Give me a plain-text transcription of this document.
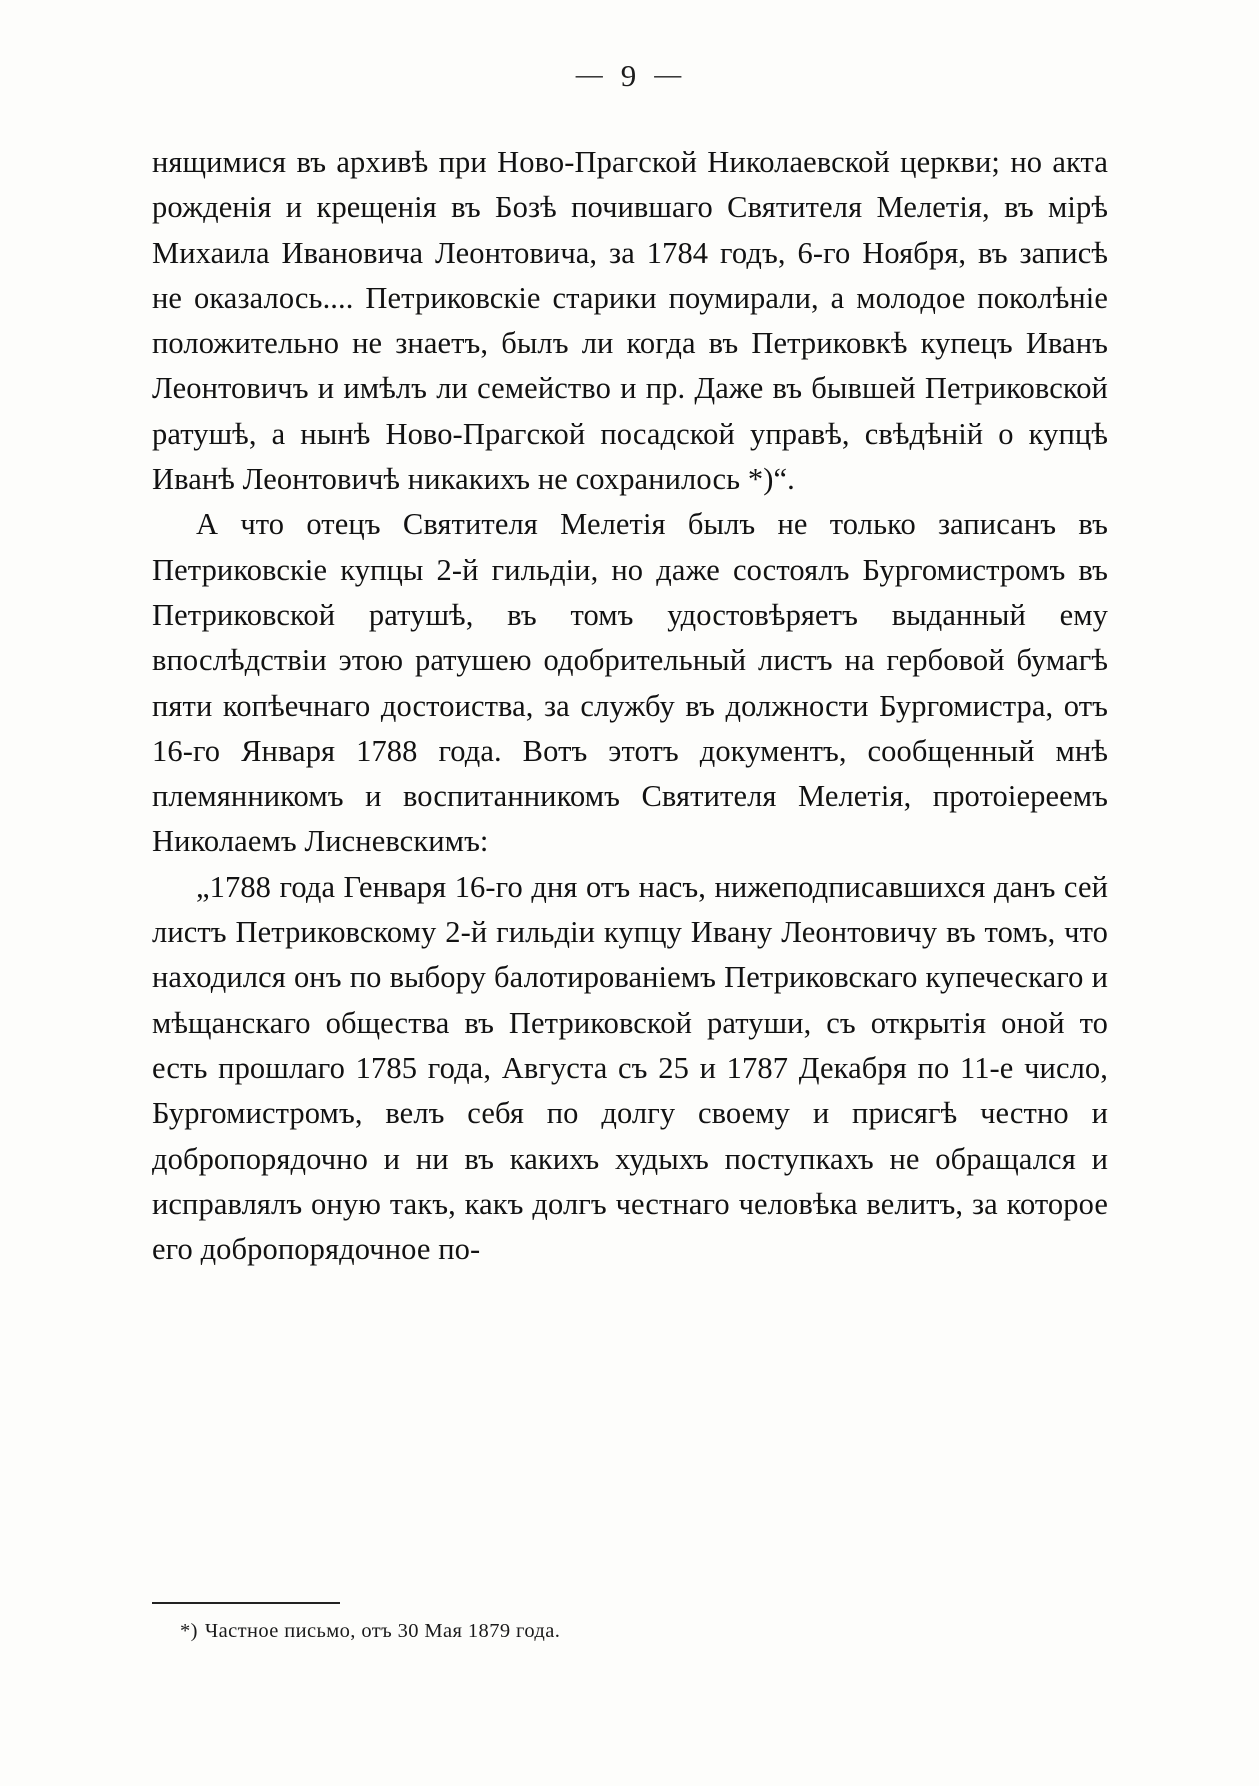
— 9 —

нящимися въ архивѣ при Ново-Прагской Николаевской церкви; но акта рожденія и крещенія въ Бозѣ почившаго Святителя Мелетія, въ мірѣ Михаила Ивановича Леонтовича, за 1784 годъ, 6-го Ноября, въ записѣ не оказалось.... Петриковскіе старики поумирали, а молодое поколѣніе положительно не знаетъ, былъ ли когда въ Петриковкѣ купецъ Иванъ Леонтовичъ и имѣлъ ли семейство и пр. Даже въ бывшей Петриковской ратушѣ, а нынѣ Ново-Прагской посадской управѣ, свѣдѣній о купцѣ Иванѣ Леонтовичѣ никакихъ не сохранилось *)“.

А что отецъ Святителя Мелетія былъ не только записанъ въ Петриковскіе купцы 2-й гильдіи, но даже состоялъ Бургомистромъ въ Петриковской ратушѣ, въ томъ удостовѣряетъ выданный ему впослѣдствіи этою ратушею одобрительный листъ на гербовой бумагѣ пяти копѣечнаго достоиства, за службу въ должности Бургомистра, отъ 16-го Января 1788 года. Вотъ этотъ документъ, сообщенный мнѣ племянникомъ и воспитанникомъ Святителя Мелетія, протоіереемъ Николаемъ Лисневскимъ:

„1788 года Генваря 16-го дня отъ насъ, нижеподписавшихся данъ сей листъ Петриковскому 2-й гильдіи купцу Ивану Леонтовичу въ томъ, что находился онъ по выбору балотированіемъ Петриковскаго купеческаго и мѣщанскаго общества въ Петриковской ратуши, съ открытія оной то есть прошлаго 1785 года, Августа съ 25 и 1787 Декабря по 11-е число, Бургомистромъ, велъ себя по долгу своему и присягѣ честно и добропорядочно и ни въ какихъ худыхъ поступкахъ не обращался и исправлялъ оную такъ, какъ долгъ честнаго человѣка велитъ, за которое его добропорядочное по-

*) Частное письмо, отъ 30 Мая 1879 года.
